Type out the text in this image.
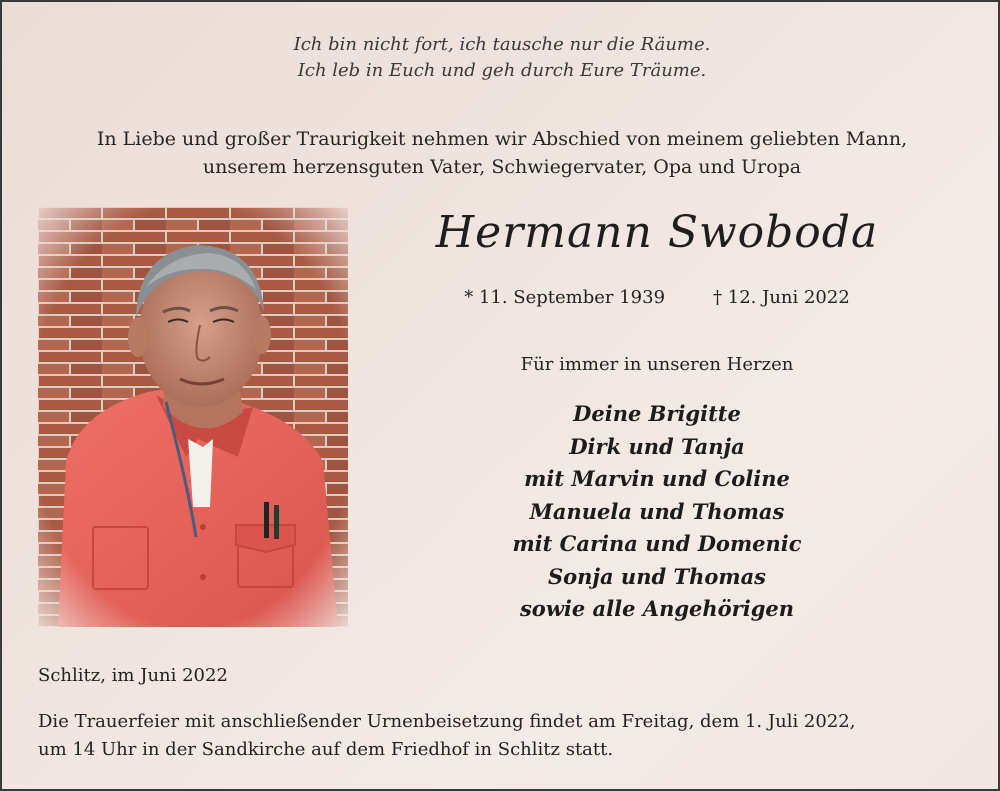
Ich bin nicht fort, ich tausche nur die Räume.
Ich leb in Euch und geh durch Eure Träume.
In Liebe und großer Traurigkeit nehmen wir Abschied von meinem geliebten Mann,
unserem herzensguten Vater, Schwiegervater, Opa und Uropa
Hermann Swoboda
* 11. September 1939	† 12. Juni 2022
Für immer in unseren Herzen
Deine Brigitte
Dirk und Tanja
mit Marvin und Coline
Manuela und Thomas
mit Carina und Domenic
Sonja und Thomas
sowie alle Angehörigen
Schlitz, im Juni 2022
Die Trauerfeier mit anschließender Urnenbeisetzung findet am Freitag, dem 1. Juli 2022,
um 14 Uhr in der Sandkirche auf dem Friedhof in Schlitz statt.
